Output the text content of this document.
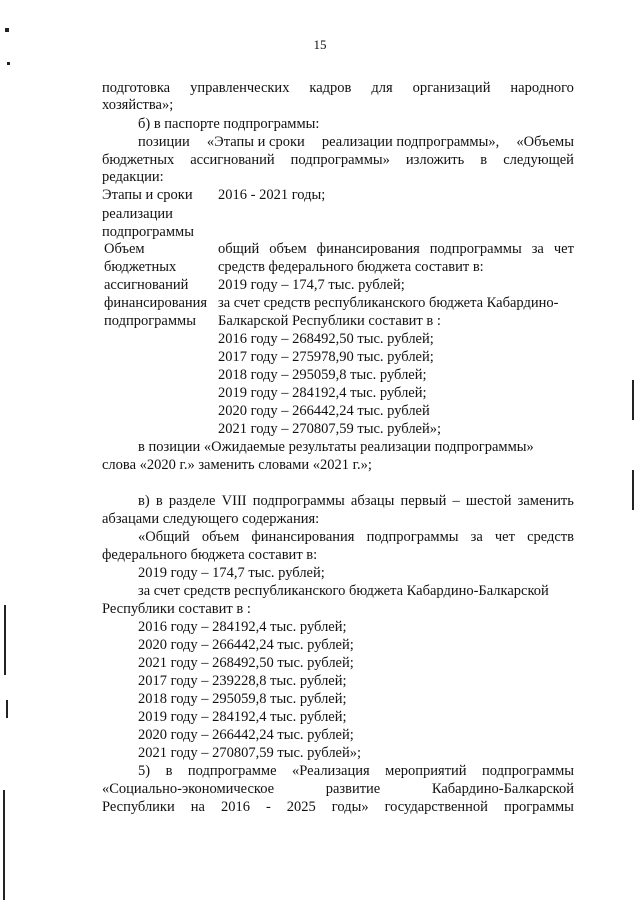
15
подготовка управленческих кадров для организаций народного
хозяйства»;
б) в паспорте подпрограммы:
позиции «Этапы и сроки реализации подпрограммы», «Объемы
бюджетных ассигнований подпрограммы» изложить в следующей
редакции:
Этапы и сроки
реализации
подпрограммы
2016 - 2021 годы;
Объем
бюджетных
ассигнований
финансирования
подпрограммы
общий объем финансирования подпрограммы за чет
средств федерального бюджета составит в:
2019 году – 174,7 тыс. рублей;
за счет средств республиканского бюджета Кабардино-
Балкарской Республики составит в :
2016 году – 268492,50 тыс. рублей;
2017 году – 275978,90 тыс. рублей;
2018 году – 295059,8 тыс. рублей;
2019 году – 284192,4 тыс. рублей;
2020 году – 266442,24 тыс. рублей
2021 году – 270807,59 тыс. рублей»;
в позиции «Ожидаемые результаты реализации подпрограммы»
слова «2020 г.» заменить словами «2021 г.»;
в) в разделе VIII подпрограммы абзацы первый – шестой заменить
абзацами следующего содержания:
«Общий объем финансирования подпрограммы за чет средств
федерального бюджета составит в:
2019 году – 174,7 тыс. рублей;
за счет средств республиканского бюджета Кабардино-Балкарской
Республики составит в :
2016 году – 284192,4 тыс. рублей;
2020 году – 266442,24 тыс. рублей;
2021 году – 268492,50 тыс. рублей;
2017 году – 239228,8 тыс. рублей;
2018 году – 295059,8 тыс. рублей;
2019 году – 284192,4 тыс. рублей;
2020 году – 266442,24 тыс. рублей;
2021 году – 270807,59 тыс. рублей»;
5) в подпрограмме «Реализация мероприятий подпрограммы
«Социально-экономическое	развитие	Кабардино-Балкарской
Республики на 2016 - 2025 годы» государственной программы
